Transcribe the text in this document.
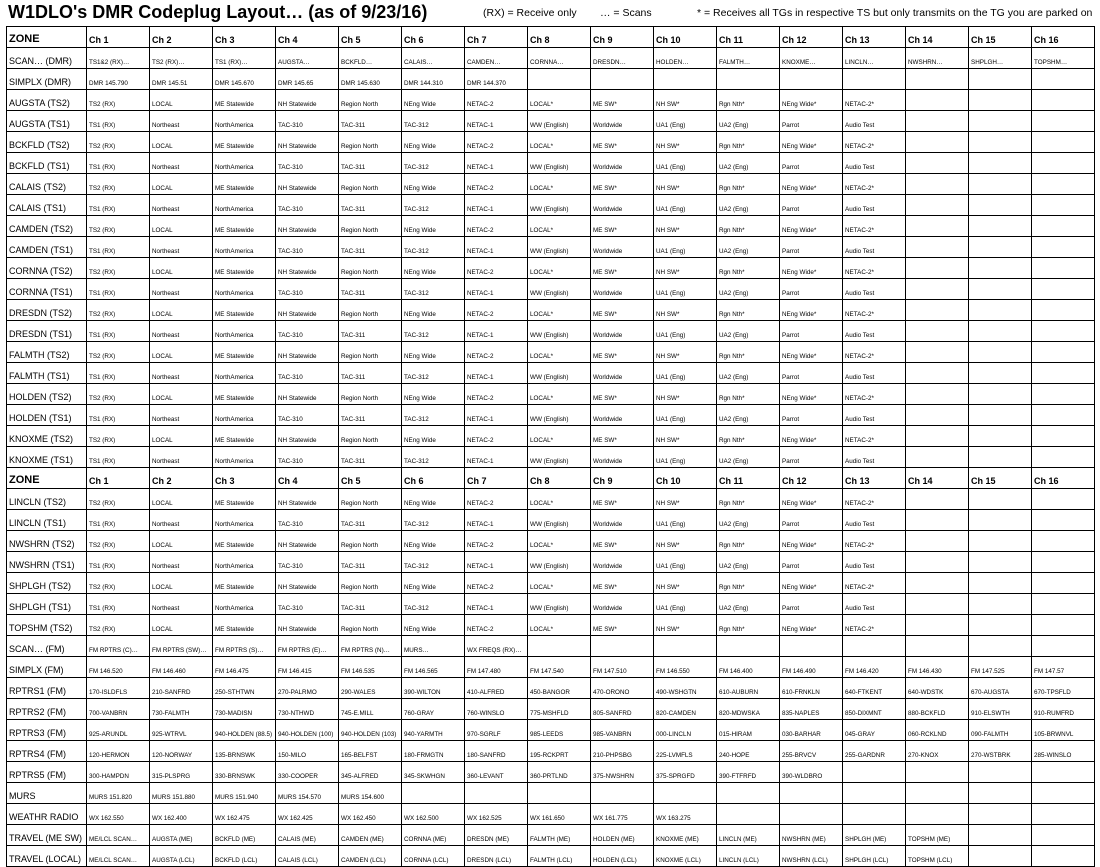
W1DLO's DMR Codeplug Layout… (as of 9/23/16)	(RX) = Receive only … = Scans	* = Receives all TGs in respective TS but only transmits on the TG you are parked on
ZONE	Ch 1	Ch 2	Ch 3	Ch 4	Ch 5	Ch 6	Ch 7	Ch 8	Ch 9	Ch 10	Ch 11	Ch 12	Ch 13	Ch 14	Ch 15	Ch 16
SCAN… (DMR)	TS1&2 (RX)…	TS2 (RX)…	TS1 (RX)…	AUGSTA…	BCKFLD…	CALAIS…	CAMDEN…	CORNNA…	DRESDN…	HOLDEN…	FALMTH…	KNOXME…	LINCLN…	NWSHRN…	SHPLGH…	TOPSHM…
SIMPLX (DMR)	DMR 145.790	DMR 145.51	DMR 145.670	DMR 145.65	DMR 145.630	DMR 144.310	DMR 144.370									
AUGSTA (TS2)	TS2 (RX)	LOCAL	ME Statewide	NH Statewide	Region North	NEng Wide	NETAC-2	LOCAL*	ME SW*	NH SW*	Rgn Nth*	NEng Wide*	NETAC-2*			
AUGSTA (TS1)	TS1 (RX)	Northeast	NorthAmerica	TAC-310	TAC-311	TAC-312	NETAC-1	WW (English)	Worldwide	UA1 (Eng)	UA2 (Eng)	Parrot	Audio Test			
BCKFLD (TS2)	TS2 (RX)	LOCAL	ME Statewide	NH Statewide	Region North	NEng Wide	NETAC-2	LOCAL*	ME SW*	NH SW*	Rgn Nth*	NEng Wide*	NETAC-2*			
BCKFLD (TS1)	TS1 (RX)	Northeast	NorthAmerica	TAC-310	TAC-311	TAC-312	NETAC-1	WW (English)	Worldwide	UA1 (Eng)	UA2 (Eng)	Parrot	Audio Test			
CALAIS (TS2)	TS2 (RX)	LOCAL	ME Statewide	NH Statewide	Region North	NEng Wide	NETAC-2	LOCAL*	ME SW*	NH SW*	Rgn Nth*	NEng Wide*	NETAC-2*			
CALAIS (TS1)	TS1 (RX)	Northeast	NorthAmerica	TAC-310	TAC-311	TAC-312	NETAC-1	WW (English)	Worldwide	UA1 (Eng)	UA2 (Eng)	Parrot	Audio Test			
CAMDEN (TS2)	TS2 (RX)	LOCAL	ME Statewide	NH Statewide	Region North	NEng Wide	NETAC-2	LOCAL*	ME SW*	NH SW*	Rgn Nth*	NEng Wide*	NETAC-2*			
CAMDEN (TS1)	TS1 (RX)	Northeast	NorthAmerica	TAC-310	TAC-311	TAC-312	NETAC-1	WW (English)	Worldwide	UA1 (Eng)	UA2 (Eng)	Parrot	Audio Test			
CORNNA (TS2)	TS2 (RX)	LOCAL	ME Statewide	NH Statewide	Region North	NEng Wide	NETAC-2	LOCAL*	ME SW*	NH SW*	Rgn Nth*	NEng Wide*	NETAC-2*			
CORNNA (TS1)	TS1 (RX)	Northeast	NorthAmerica	TAC-310	TAC-311	TAC-312	NETAC-1	WW (English)	Worldwide	UA1 (Eng)	UA2 (Eng)	Parrot	Audio Test			
DRESDN (TS2)	TS2 (RX)	LOCAL	ME Statewide	NH Statewide	Region North	NEng Wide	NETAC-2	LOCAL*	ME SW*	NH SW*	Rgn Nth*	NEng Wide*	NETAC-2*			
DRESDN (TS1)	TS1 (RX)	Northeast	NorthAmerica	TAC-310	TAC-311	TAC-312	NETAC-1	WW (English)	Worldwide	UA1 (Eng)	UA2 (Eng)	Parrot	Audio Test			
FALMTH (TS2)	TS2 (RX)	LOCAL	ME Statewide	NH Statewide	Region North	NEng Wide	NETAC-2	LOCAL*	ME SW*	NH SW*	Rgn Nth*	NEng Wide*	NETAC-2*			
FALMTH (TS1)	TS1 (RX)	Northeast	NorthAmerica	TAC-310	TAC-311	TAC-312	NETAC-1	WW (English)	Worldwide	UA1 (Eng)	UA2 (Eng)	Parrot	Audio Test			
HOLDEN (TS2)	TS2 (RX)	LOCAL	ME Statewide	NH Statewide	Region North	NEng Wide	NETAC-2	LOCAL*	ME SW*	NH SW*	Rgn Nth*	NEng Wide*	NETAC-2*			
HOLDEN (TS1)	TS1 (RX)	Northeast	NorthAmerica	TAC-310	TAC-311	TAC-312	NETAC-1	WW (English)	Worldwide	UA1 (Eng)	UA2 (Eng)	Parrot	Audio Test			
KNOXME (TS2)	TS2 (RX)	LOCAL	ME Statewide	NH Statewide	Region North	NEng Wide	NETAC-2	LOCAL*	ME SW*	NH SW*	Rgn Nth*	NEng Wide*	NETAC-2*			
KNOXME (TS1)	TS1 (RX)	Northeast	NorthAmerica	TAC-310	TAC-311	TAC-312	NETAC-1	WW (English)	Worldwide	UA1 (Eng)	UA2 (Eng)	Parrot	Audio Test			
ZONE	Ch 1	Ch 2	Ch 3	Ch 4	Ch 5	Ch 6	Ch 7	Ch 8	Ch 9	Ch 10	Ch 11	Ch 12	Ch 13	Ch 14	Ch 15	Ch 16
LINCLN (TS2)	TS2 (RX)	LOCAL	ME Statewide	NH Statewide	Region North	NEng Wide	NETAC-2	LOCAL*	ME SW*	NH SW*	Rgn Nth*	NEng Wide*	NETAC-2*			
LINCLN (TS1)	TS1 (RX)	Northeast	NorthAmerica	TAC-310	TAC-311	TAC-312	NETAC-1	WW (English)	Worldwide	UA1 (Eng)	UA2 (Eng)	Parrot	Audio Test			
NWSHRN (TS2)	TS2 (RX)	LOCAL	ME Statewide	NH Statewide	Region North	NEng Wide	NETAC-2	LOCAL*	ME SW*	NH SW*	Rgn Nth*	NEng Wide*	NETAC-2*			
NWSHRN (TS1)	TS1 (RX)	Northeast	NorthAmerica	TAC-310	TAC-311	TAC-312	NETAC-1	WW (English)	Worldwide	UA1 (Eng)	UA2 (Eng)	Parrot	Audio Test			
SHPLGH (TS2)	TS2 (RX)	LOCAL	ME Statewide	NH Statewide	Region North	NEng Wide	NETAC-2	LOCAL*	ME SW*	NH SW*	Rgn Nth*	NEng Wide*	NETAC-2*			
SHPLGH (TS1)	TS1 (RX)	Northeast	NorthAmerica	TAC-310	TAC-311	TAC-312	NETAC-1	WW (English)	Worldwide	UA1 (Eng)	UA2 (Eng)	Parrot	Audio Test			
TOPSHM (TS2)	TS2 (RX)	LOCAL	ME Statewide	NH Statewide	Region North	NEng Wide	NETAC-2	LOCAL*	ME SW*	NH SW*	Rgn Nth*	NEng Wide*	NETAC-2*			
SCAN… (FM)	FM RPTRS (C)…	FM RPTRS (SW)…	FM RPTRS (S)…	FM RPTRS (E)…	FM RPTRS (N)…	MURS…	WX FREQS (RX)…									
SIMPLX (FM)	FM 146.520	FM 146.460	FM 146.475	FM 146.415	FM 146.535	FM 146.565	FM 147.480	FM 147.540	FM 147.510	FM 146.550	FM 146.400	FM 146.490	FM 146.420	FM 146.430	FM 147.525	FM 147.57
RPTRS1 (FM)	170-ISLDFLS	210-SANFRD	250-STHTWN	270-PALRMO	290-WALES	390-WILTON	410-ALFRED	450-BANGOR	470-ORONO	490-WSHGTN	610-AUBURN	610-FRNKLN	640-FTKENT	640-WDSTK	670-AUGSTA	670-TPSFLD
RPTRS2 (FM)	700-VANBRN	730-FALMTH	730-MADISN	730-NTHWD	745-E.MILL	760-GRAY	760-WINSLO	775-MSHFLD	805-SANFRD	820-CAMDEN	820-MDWSKA	835-NAPLES	850-DIXMNT	880-BCKFLD	910-ELSWTH	910-RUMFRD
RPTRS3 (FM)	925-ARUNDL	925-WTRVL	940-HOLDEN (88.5)	940-HOLDEN (100)	940-HOLDEN (103)	940-YARMTH	970-SGRLF	985-LEEDS	985-VANBRN	000-LINCLN	015-HIRAM	030-BARHAR	045-GRAY	060-RCKLND	090-FALMTH	105-BRWNVL
RPTRS4 (FM)	120-HERMON	120-NORWAY	135-BRNSWK	150-MILO	165-BELFST	180-FRMGTN	180-SANFRD	195-RCKPRT	210-PHPSBG	225-LVMFLS	240-HOPE	255-BRVCV	255-GARDNR	270-KNOX	270-WSTBRK	285-WINSLO
RPTRS5 (FM)	300-HAMPDN	315-PLSPRG	330-BRNSWK	330-COOPER	345-ALFRED	345-SKWHGN	360-LEVANT	360-PRTLND	375-NWSHRN	375-SPRGFD	390-FTFRFD	390-WLDBRO				
MURS	MURS 151.820	MURS 151.880	MURS 151.940	MURS 154.570	MURS 154.600											
WEATHR RADIO	WX 162.550	WX 162.400	WX 162.475	WX 162.425	WX 162.450	WX 162.500	WX 162.525	WX 161.650	WX 161.775	WX 163.275						
TRAVEL (ME SW)	ME/LCL SCAN…	AUGSTA (ME)	BCKFLD (ME)	CALAIS (ME)	CAMDEN (ME)	CORNNA (ME)	DRESDN (ME)	FALMTH (ME)	HOLDEN (ME)	KNOXME (ME)	LINCLN (ME)	NWSHRN (ME)	SHPLGH (ME)	TOPSHM (ME)		
TRAVEL (LOCAL)	ME/LCL SCAN…	AUGSTA (LCL)	BCKFLD (LCL)	CALAIS (LCL)	CAMDEN (LCL)	CORNNA (LCL)	DRESDN (LCL)	FALMTH (LCL)	HOLDEN (LCL)	KNOXME (LCL)	LINCLN (LCL)	NWSHRN (LCL)	SHPLGH (LCL)	TOPSHM (LCL)		
